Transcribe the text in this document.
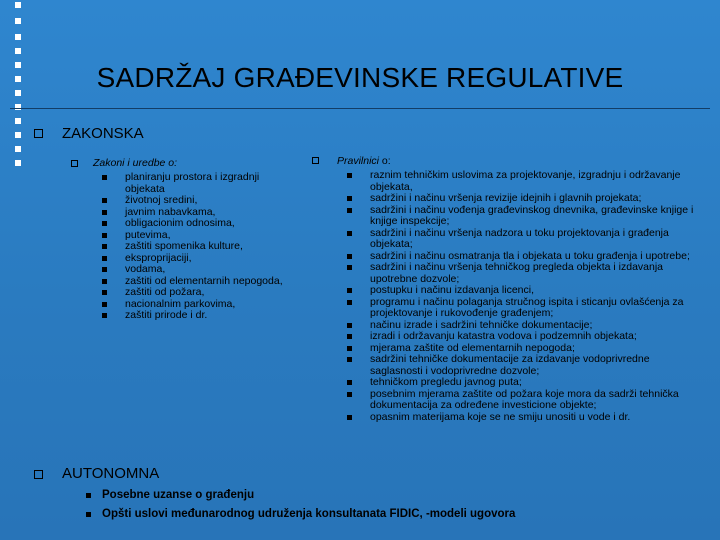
SADRŽAJ GRAĐEVINSKE REGULATIVE
ZAKONSKA
Zakoni i uredbe o:
planiranju prostora i izgradnji objekata
životnoj sredini,
javnim nabavkama,
obligacionim odnosima,
putevima,
zaštiti spomenika kulture,
eksproprijaciji,
vodama,
zaštiti od elementarnih nepogoda,
zaštiti od požara,
nacionalnim parkovima,
zaštiti prirode i dr.
Pravilnici o:
raznim tehničkim uslovima za projektovanje, izgradnju i održavanje objekata,
sadržini i načinu vršenja revizije idejnih i glavnih projekata;
sadržini i načinu vođenja građevinskog dnevnika, građevinske knjige i knjige inspekcije;
sadržini i načinu vršenja nadzora u toku projektovanja i građenja objekata;
sadržini i načinu osmatranja tla i objekata u toku građenja i upotrebe;
sadržini i načinu vršenja tehničkog pregleda objekta i izdavanja upotrebne dozvole;
postupku i načinu izdavanja licenci,
programu i načinu polaganja stručnog ispita i sticanju ovlašćenja za projektovanje i rukovođenje građenjem;
načinu izrade i sadržini tehničke dokumentacije;
izradi i održavanju katastra vodova i podzemnih objekata;
mjerama zaštite od elementarnih nepogoda;
sadržini tehničke dokumentacije za izdavanje vodoprivredne saglasnosti i vodoprivredne dozvole;
tehničkom pregledu javnog puta;
posebnim mjerama zaštite od požara koje mora da sadrži tehnička dokumentacija za određene investicione objekte;
opasnim materijama koje se ne smiju unositi u vode i dr.
AUTONOMNA
Posebne uzanse o građenju
Opšti uslovi međunarodnog udruženja konsultanata FIDIC, -modeli ugovora
